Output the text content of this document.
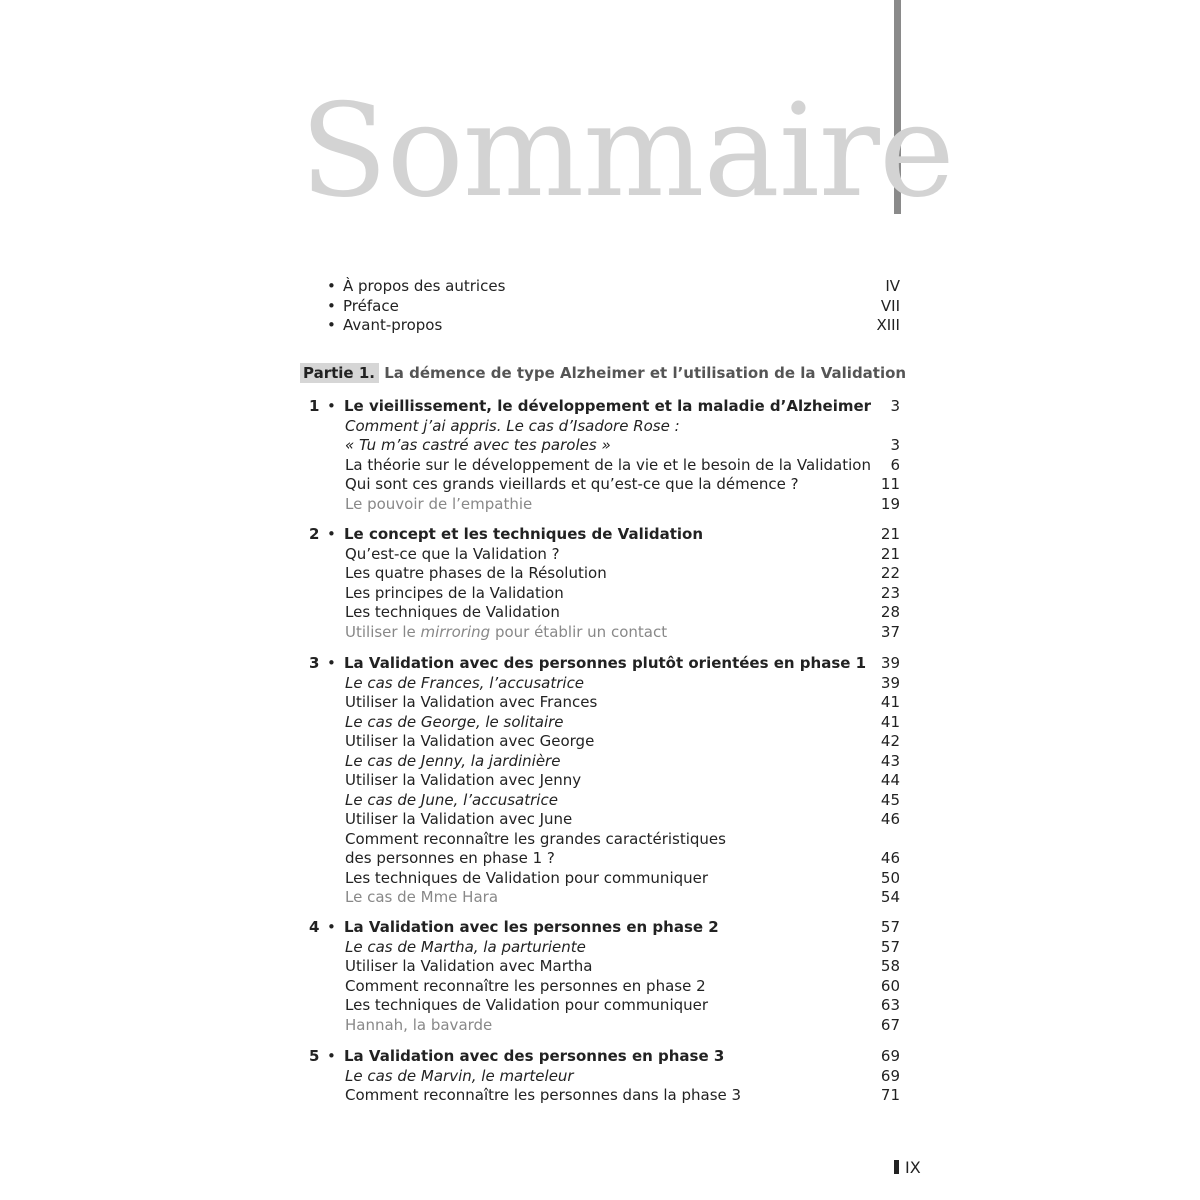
Sommaire
• À propos des autrices	IV
• Préface	VII
• Avant-propos	XIII
Partie 1. La démence de type Alzheimer et l’utilisation de la Validation
1 • Le vieillissement, le développement et la maladie d’Alzheimer 3
Comment j’ai appris. Le cas d’Isadore Rose :
« Tu m’as castré avec tes paroles »	3
La théorie sur le développement de la vie et le besoin de la Validation 6
Qui sont ces grands vieillards et qu’est-ce que la démence ?	11
Le pouvoir de l’empathie	19
2 • Le concept et les techniques de Validation	21
Qu’est-ce que la Validation ?	21
Les quatre phases de la Résolution	22
Les principes de la Validation	23
Les techniques de Validation	28
Utiliser le mirroring pour établir un contact	37
3 • La Validation avec des personnes plutôt orientées en phase 1 39
Le cas de Frances, l’accusatrice	39
Utiliser la Validation avec Frances	41
Le cas de George, le solitaire	41
Utiliser la Validation avec George	42
Le cas de Jenny, la jardinière	43
Utiliser la Validation avec Jenny	44
Le cas de June, l’accusatrice	45
Utiliser la Validation avec June	46
Comment reconnaître les grandes caractéristiques
des personnes en phase 1 ?	46
Les techniques de Validation pour communiquer	50
Le cas de Mme Hara	54
4 • La Validation avec les personnes en phase 2	57
Le cas de Martha, la parturiente	57
Utiliser la Validation avec Martha	58
Comment reconnaître les personnes en phase 2	60
Les techniques de Validation pour communiquer	63
Hannah, la bavarde	67
5 • La Validation avec des personnes en phase 3	69
Le cas de Marvin, le marteleur	69
Comment reconnaître les personnes dans la phase 3	71
IX
